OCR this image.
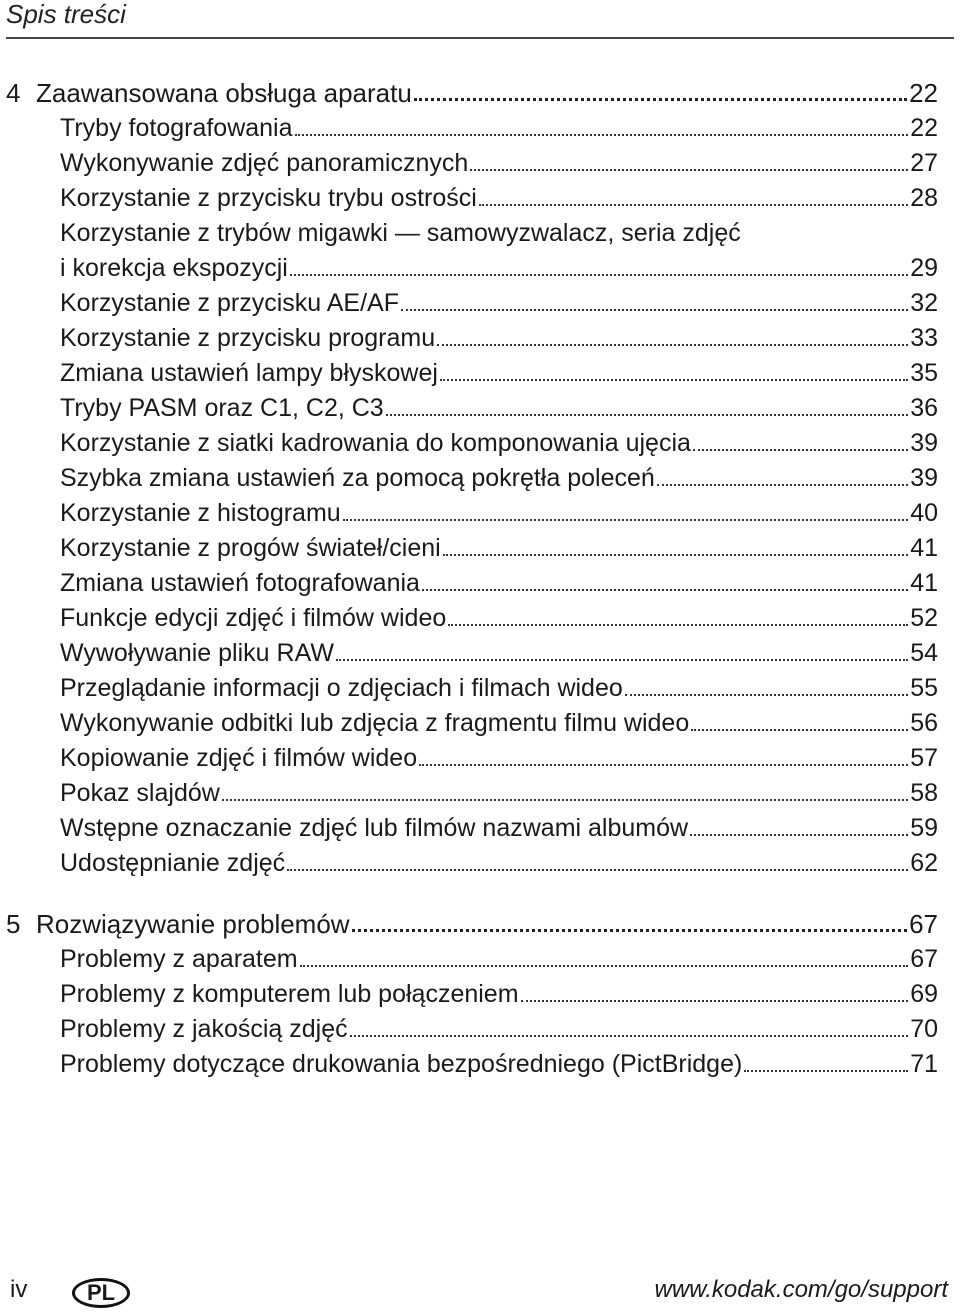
Spis treści
4 Zaawansowana obsługa aparatu	22
Tryby fotografowania	22
Wykonywanie zdjęć panoramicznych	27
Korzystanie z przycisku trybu ostrości	28
Korzystanie z trybów migawki — samowyzwalacz, seria zdjęć
i korekcja ekspozycji	29
Korzystanie z przycisku AE/AF	32
Korzystanie z przycisku programu	33
Zmiana ustawień lampy błyskowej	35
Tryby PASM oraz C1, C2, C3	36
Korzystanie z siatki kadrowania do komponowania ujęcia	39
Szybka zmiana ustawień za pomocą pokrętła poleceń	39
Korzystanie z histogramu	40
Korzystanie z progów świateł/cieni	41
Zmiana ustawień fotografowania	41
Funkcje edycji zdjęć i filmów wideo	52
Wywoływanie pliku RAW	54
Przeglądanie informacji o zdjęciach i filmach wideo	55
Wykonywanie odbitki lub zdjęcia z fragmentu filmu wideo	56
Kopiowanie zdjęć i filmów wideo	57
Pokaz slajdów	58
Wstępne oznaczanie zdjęć lub filmów nazwami albumów	59
Udostępnianie zdjęć	62
5 Rozwiązywanie problemów	67
Problemy z aparatem	67
Problemy z komputerem lub połączeniem	69
Problemy z jakością zdjęć	70
Problemy dotyczące drukowania bezpośredniego (PictBridge)	71
iv	PL	www.kodak.com/go/support
